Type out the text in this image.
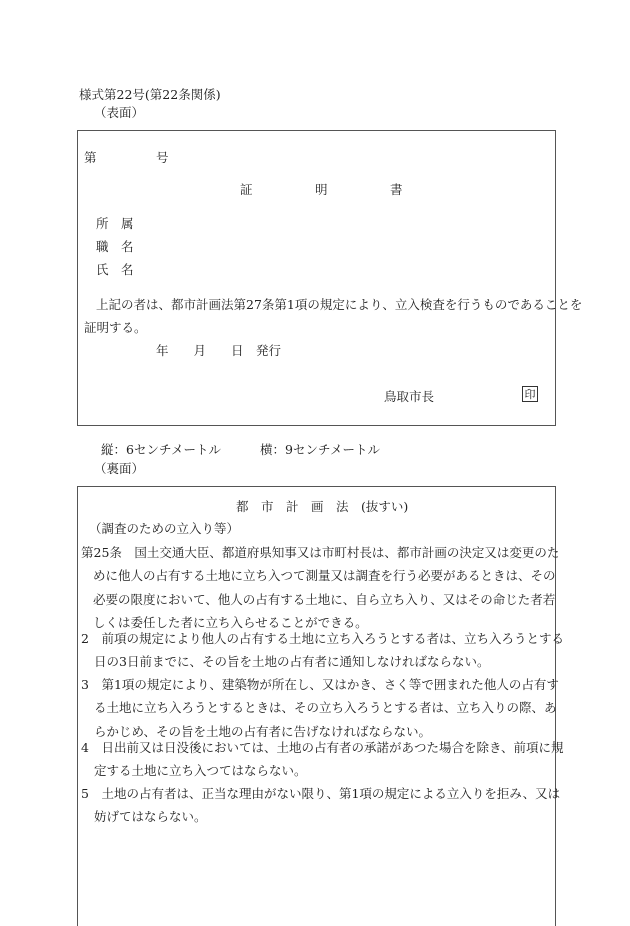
様式第22号(第22条関係)
（表面）
第	号
証　　　　　明　　　　　書
所　属
職　名
氏　名
上記の者は、都市計画法第27条第1項の規定により、立入検査を行うものであることを
証明する。
年　　月　　日　発行
鳥取市長	印
縦：6センチメートル	横：9センチメートル
（裏面）
都　市　計　画　法　(抜すい)
（調査のための立入り等）
第25条　国土交通大臣、都道府県知事又は市町村長は、都市計画の決定又は変更のために他人の占有する土地に立ち入つて測量又は調査を行う必要があるときは、その必要の限度において、他人の占有する土地に、自ら立ち入り、又はその命じた者若しくは委任した者に立ち入らせることができる。
2　前項の規定により他人の占有する土地に立ち入ろうとする者は、立ち入ろうとする日の3日前までに、その旨を土地の占有者に通知しなければならない。
3　第1項の規定により、建築物が所在し、又はかき、さく等で囲まれた他人の占有する土地に立ち入ろうとするときは、その立ち入ろうとする者は、立ち入りの際、あらかじめ、その旨を土地の占有者に告げなければならない。
4　日出前又は日没後においては、土地の占有者の承諾があつた場合を除き、前項に規定する土地に立ち入つてはならない。
5　土地の占有者は、正当な理由がない限り、第1項の規定による立入りを拒み、又は妨げてはならない。
